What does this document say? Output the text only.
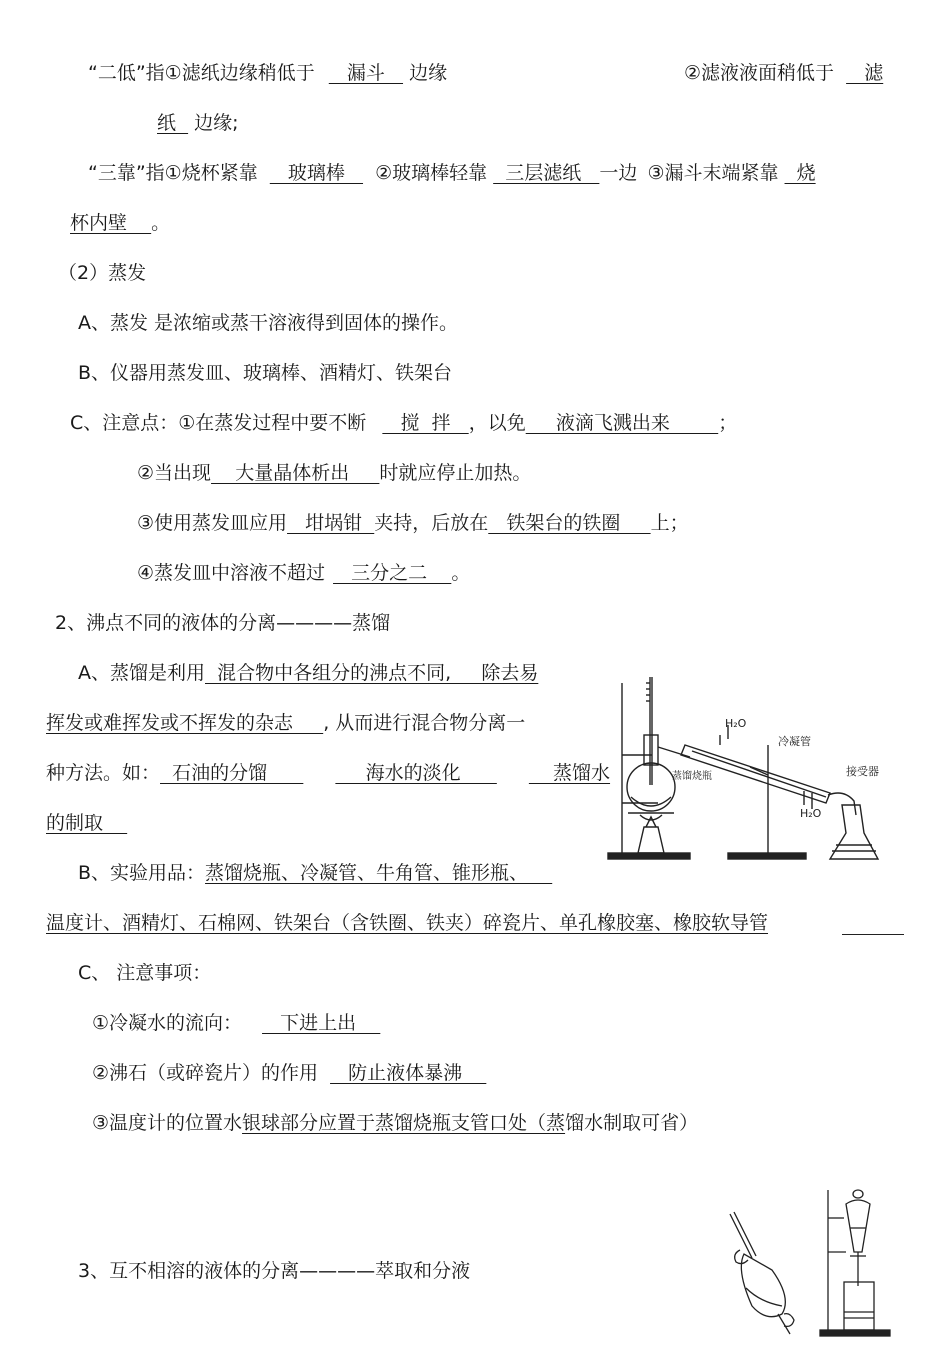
“二低”指①滤纸边缘稍低于    漏斗    边缘	②滤液液面稍低于    滤
纸   边缘;
“三靠”指①烧杯紧靠    玻璃棒    ②玻璃棒轻靠   三层滤纸   一边 ③漏斗末端紧靠   烧
杯内壁    。
（2）蒸发
A、蒸发 是浓缩或蒸干溶液得到固体的操作。
B、仪器用蒸发皿、玻璃棒、酒精灯、铁架台
C、注意点：①在蒸发过程中要不断    搅  拌   ，以免     液滴飞溅出来        ；
②当出现    大量晶体析出     时就应停止加热。
③使用蒸发皿应用   坩埚钳  夹持，后放在   铁架台的铁圈     上；
④蒸发皿中溶液不超过   三分之二    。
2、沸点不同的液体的分离————蒸馏
A、蒸馏是利用  混合物中各组分的沸点不同,     除去易
挥发或难挥发或不挥发的杂志     , 从而进行混合物分离一
种方法。如：  石油的分馏            海水的淡化           蒸馏水
的制取
B、实验用品：蒸馏烧瓶、冷凝管、牛角管、锥形瓶、
温度计、酒精灯、石棉网、铁架台（含铁圈、铁夹）碎瓷片、单孔橡胶塞、橡胶软导管
C、 注意事项：
①冷凝水的流向：   下进上出
②沸石（或碎瓷片）的作用   防止液体暴沸
③温度计的位置水银球部分应置于蒸馏烧瓶支管口处（蒸馏水制取可省）
3、互不相溶的液体的分离————萃取和分液
H₂O
冷凝管
接受器
蒸馏烧瓶
H₂O
